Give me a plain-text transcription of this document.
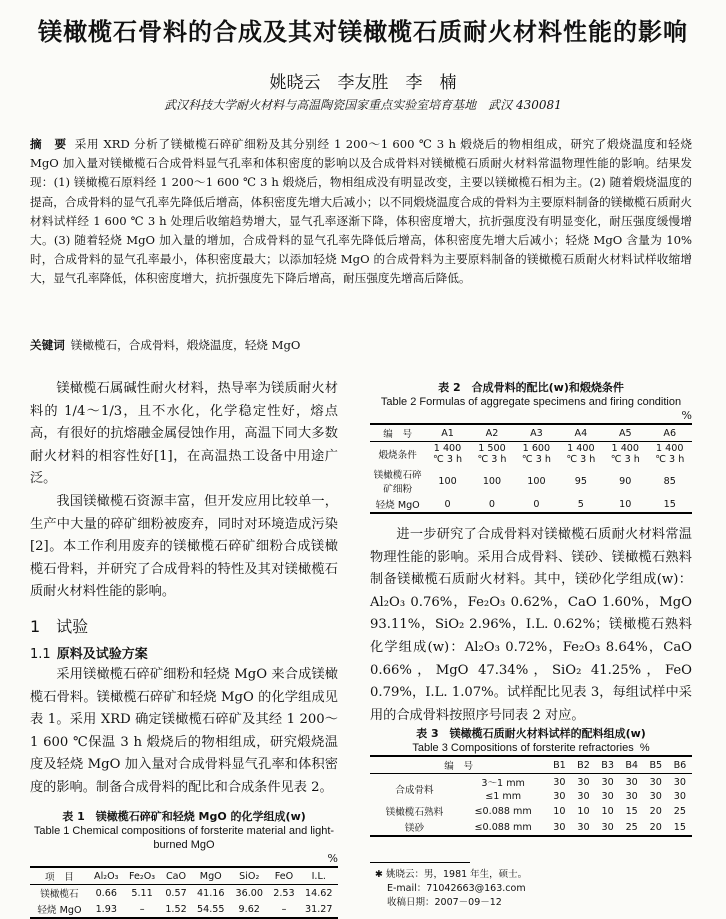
镁橄榄石骨料的合成及其对镁橄榄石质耐火材料性能的影响
姚晓云　李友胜　李　楠
武汉科技大学耐火材料与高温陶瓷国家重点实验室培育基地　武汉 430081
摘　要 采用 XRD 分析了镁橄榄石碎矿细粉及其分别经 1 200～1 600 ℃ 3 h 煅烧后的物相组成，研究了煅烧温度和轻烧 MgO 加入量对镁橄榄石合成骨料显气孔率和体积密度的影响以及合成骨料对镁橄榄石质耐火材料常温物理性能的影响。结果发现：(1) 镁橄榄石原料经 1 200～1 600 ℃ 3 h 煅烧后，物相组成没有明显改变，主要以镁橄榄石相为主。(2) 随着煅烧温度的提高，合成骨料的显气孔率先降低后增高，体积密度先增大后减小；以不同煅烧温度合成的骨料为主要原料制备的镁橄榄石质耐火材料试样经 1 600 ℃ 3 h 处理后收缩趋势增大，显气孔率逐渐下降，体积密度增大，抗折强度没有明显变化，耐压强度缓慢增大。(3) 随着轻烧 MgO 加入量的增加，合成骨料的显气孔率先降低后增高，体积密度先增大后减小；轻烧 MgO 含量为 10% 时，合成骨料的显气孔率最小，体积密度最大；以添加轻烧 MgO 的合成骨料为主要原料制备的镁橄榄石质耐火材料试样收缩增大，显气孔率降低，体积密度增大，抗折强度先下降后增高，耐压强度先增高后降低。
关键词 镁橄榄石，合成骨料，煅烧温度，轻烧 MgO

镁橄榄石属碱性耐火材料，热导率为镁质耐火材料的 1/4～1/3，且不水化，化学稳定性好，熔点高，有很好的抗熔融金属侵蚀作用，高温下同大多数耐火材料的相容性好[1]，在高温热工设备中用途广泛。

我国镁橄榄石资源丰富，但开发应用比较单一，生产中大量的碎矿细粉被废弃，同时对环境造成污染[2]。本工作利用废弃的镁橄榄石碎矿细粉合成镁橄榄石骨料，并研究了合成骨料的特性及其对镁橄榄石质耐火材料性能的影响。

1　试验
1.1 原料及试验方案

采用镁橄榄石碎矿细粉和轻烧 MgO 来合成镁橄榄石骨料。镁橄榄石碎矿和轻烧 MgO 的化学组成见表 1。采用 XRD 确定镁橄榄石碎矿及其经 1 200～1 600 ℃保温 3 h 煅烧后的物相组成，研究煅烧温度及轻烧 MgO 加入量对合成骨料显气孔率和体积密度的影响。制备合成骨料的配比和合成条件见表 2。

进一步研究了合成骨料对镁橄榄石质耐火材料常温物理性能的影响。采用合成骨料、镁砂、镁橄榄石熟料制备镁橄榄石质耐火材料。其中，镁砂化学组成(w)：Al₂O₃ 0.76%，Fe₂O₃ 0.62%，CaO 1.60%，MgO 93.11%，SiO₂ 2.96%，I.L. 0.62%；镁橄榄石熟料化学组成(w)：Al₂O₃ 0.72%，Fe₂O₃ 8.64%，CaO 0.66%，MgO 47.34%，SiO₂ 41.25%，FeO 0.79%，I.L. 1.07%。试样配比见表 3，每组试样中采用的合成骨料按照序号同表 2 对应。

表 2　合成骨料的配比(w)和煅烧条件
Table 2 Formulas of aggregate specimens and firing condition
%
编　号	A1	A2	A3	A4	A5	A6
煅烧条件	1 400 ℃ 3 h	1 500 ℃ 3 h	1 600 ℃ 3 h	1 400 ℃ 3 h	1 400 ℃ 3 h	1 400 ℃ 3 h
镁橄榄石碎矿细粉	100	100	100	95	90	85
轻烧 MgO	0	0	0	5	10	15
表 3　镁橄榄石质耐火材料试样的配料组成(w)
Table 3 Compositions of forsterite refractories %
编　号		B1	B2	B3	B4	B5	B6
合成骨料	3～1 mm	30	30	30	30	30	30
	≤1 mm	30	30	30	30	30	30
镁橄榄石熟料	≤0.088 mm	10	10	10	15	20	25
镁砂	≤0.088 mm	30	30	30	25	20	15
表 1　镁橄榄石碎矿和轻烧 MgO 的化学组成(w)
Table 1 Chemical compositions of forsterite material and light-burned MgO
%
项　目	Al₂O₃	Fe₂O₃	CaO	MgO	SiO₂	FeO	I.L.
镁橄榄石	0.66	5.11	0.57	41.16	36.00	2.53	14.62
轻烧 MgO	1.93	–	1.52	54.55	9.62	–	31.27
✱ 姚晓云：男，1981 年生，硕士。
E-mail：71042663@163.com
收稿日期：2007－09－12
